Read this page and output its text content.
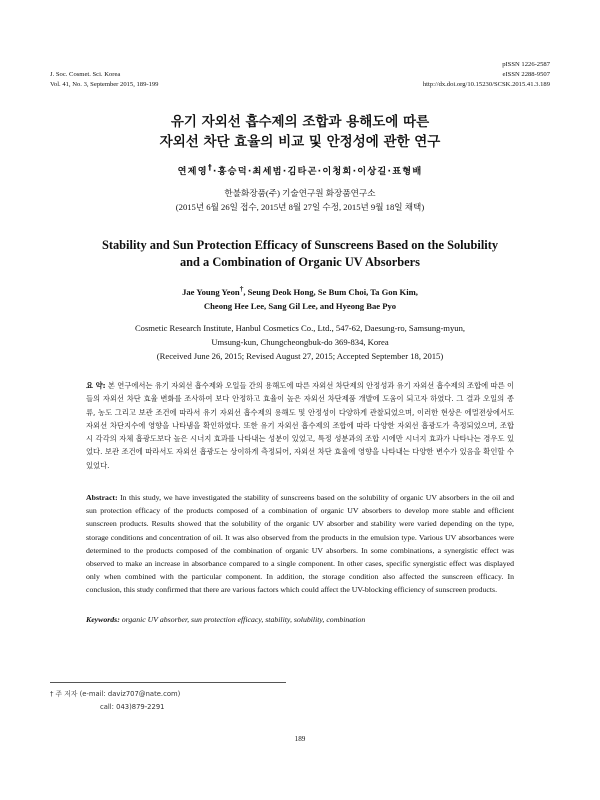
J. Soc. Cosmet. Sci. Korea
Vol. 41, No. 3, September 2015, 189-199
pISSN 1226-2587
eISSN 2288-9507
http://dx.doi.org/10.15230/SCSK.2015.41.3.189
유기 자외선 흡수제의 조합과 용해도에 따른
자외선 차단 효율의 비교 및 안정성에 관한 연구
연제영†·홍승덕·최세범·김타곤·이청희·이상길·표형배
한불화장품(주) 기술연구원 화장품연구소
(2015년 6월 26일 접수, 2015년 8월 27일 수정, 2015년 9월 18일 채택)
Stability and Sun Protection Efficacy of Sunscreens Based on the Solubility
and a Combination of Organic UV Absorbers
Jae Young Yeon†, Seung Deok Hong, Se Bum Choi, Ta Gon Kim,
Cheong Hee Lee, Sang Gil Lee, and Hyeong Bae Pyo
Cosmetic Research Institute, Hanbul Cosmetics Co., Ltd., 547-62, Daesung-ro, Samsung-myun,
Umsung-kun, Chungcheongbuk-do 369-834, Korea
(Received June 26, 2015; Revised August 27, 2015; Accepted September 18, 2015)
요 약: 본 연구에서는 유기 자외선 흡수제와 오일들 간의 용해도에 따른 자외선 차단제의 안정성과 유기 자외선 흡수제의 조합에 따른 이들의 자외선 차단 효율 변화를 조사하여 보다 안정하고 효율이 높은 자외선 차단제품 개발에 도움이 되고자 하였다. 그 결과 오일의 종류, 농도 그리고 보관 조건에 따라서 유기 자외선 흡수제의 용해도 및 안정성이 다양하게 관찰되었으며, 이러한 현상은 에멀젼상에서도 자외선 차단지수에 영향을 나타냄을 확인하였다. 또한 유기 자외선 흡수제의 조합에 따라 다양한 자외선 흡광도가 측정되었으며, 조합 시 각각의 자체 흡광도보다 높은 시너지 효과를 나타내는 성분이 있었고, 특정 성분과의 조합 시에만 시너지 효과가 나타나는 경우도 있었다. 보관 조건에 따라서도 자외선 흡광도는 상이하게 측정되어, 자외선 차단 효율에 영향을 나타내는 다양한 변수가 있음을 확인할 수 있었다.
Abstract: In this study, we have investigated the stability of sunscreens based on the solubility of organic UV absorbers in the oil and sun protection efficacy of the products composed of a combination of organic UV absorbers to develop more stable and efficient sunscreen products. Results showed that the solubility of the organic UV absorber and stability were varied depending on the type, storage conditions and concentration of oil. It was also observed from the products in the emulsion type. Various UV absorbances were determined to the products composed of the combination of organic UV absorbers. In some combinations, a synergistic effect was observed to make an increase in absorbance compared to a single component. In other cases, specific synergistic effect was displayed only when combined with the particular component. In addition, the storage condition also affected the sunscreen efficacy. In conclusion, this study confirmed that there are various factors which could affect the UV-blocking efficiency of sunscreen products.
Keywords: organic UV absorber, sun protection efficacy, stability, solubility, combination
† 주 저자 (e-mail: daviz707@nate.com)
call: 043)879-2291
189
